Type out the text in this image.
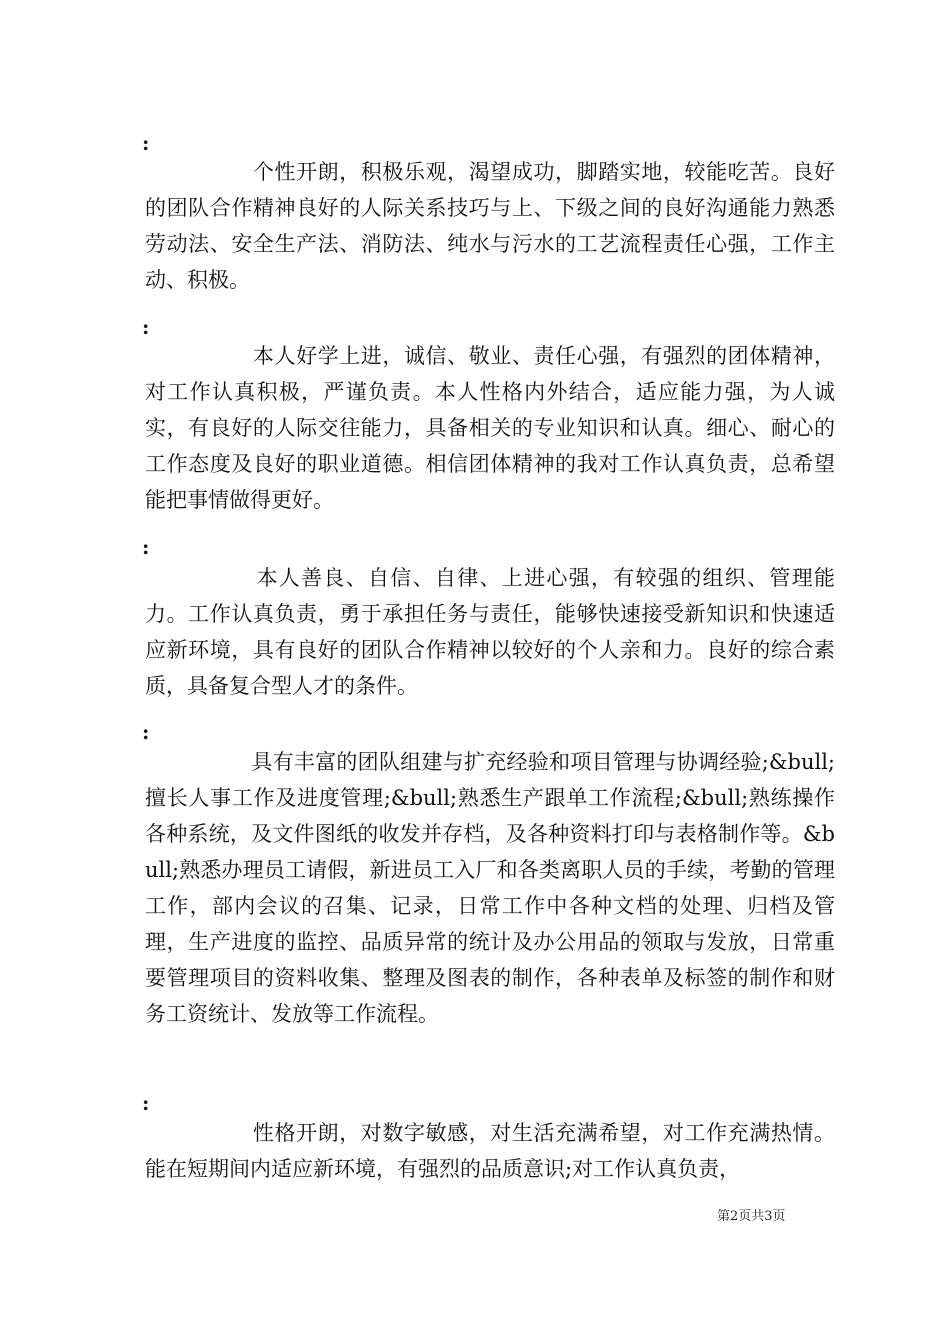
:

　　　　　个性开朗，积极乐观，渴望成功，脚踏实地，较能吃苦。良好的团队合作精神良好的人际关系技巧与上、下级之间的良好沟通能力熟悉劳动法、安全生产法、消防法、纯水与污水的工艺流程责任心强，工作主动、积极。

:

　　　　　本人好学上进，诚信、敬业、责任心强，有强烈的团体精神，对工作认真积极，严谨负责。本人性格内外结合，适应能力强，为人诚实，有良好的人际交往能力，具备相关的专业知识和认真。细心、耐心的工作态度及良好的职业道德。相信团体精神的我对工作认真负责，总希望能把事情做得更好。

:

　　　　　本人善良、自信、自律、上进心强，有较强的组织、管理能力。工作认真负责，勇于承担任务与责任，能够快速接受新知识和快速适应新环境，具有良好的团队合作精神以较好的个人亲和力。良好的综合素质，具备复合型人才的条件。

:

　　　　　具有丰富的团队组建与扩充经验和项目管理与协调经验;&bull;擅长人事工作及进度管理;&bull;熟悉生产跟单工作流程;&bull;熟练操作各种系统，及文件图纸的收发并存档，及各种资料打印与表格制作等。&bull;熟悉办理员工请假，新进员工入厂和各类离职人员的手续，考勤的管理工作，部内会议的召集、记录，日常工作中各种文档的处理、归档及管理，生产进度的监控、品质异常的统计及办公用品的领取与发放，日常重要管理项目的资料收集、整理及图表的制作，各种表单及标签的制作和财务工资统计、发放等工作流程。

:

　　　　　性格开朗，对数字敏感，对生活充满希望，对工作充满热情。能在短期间内适应新环境，有强烈的品质意识;对工作认真负责，

第2页共3页
